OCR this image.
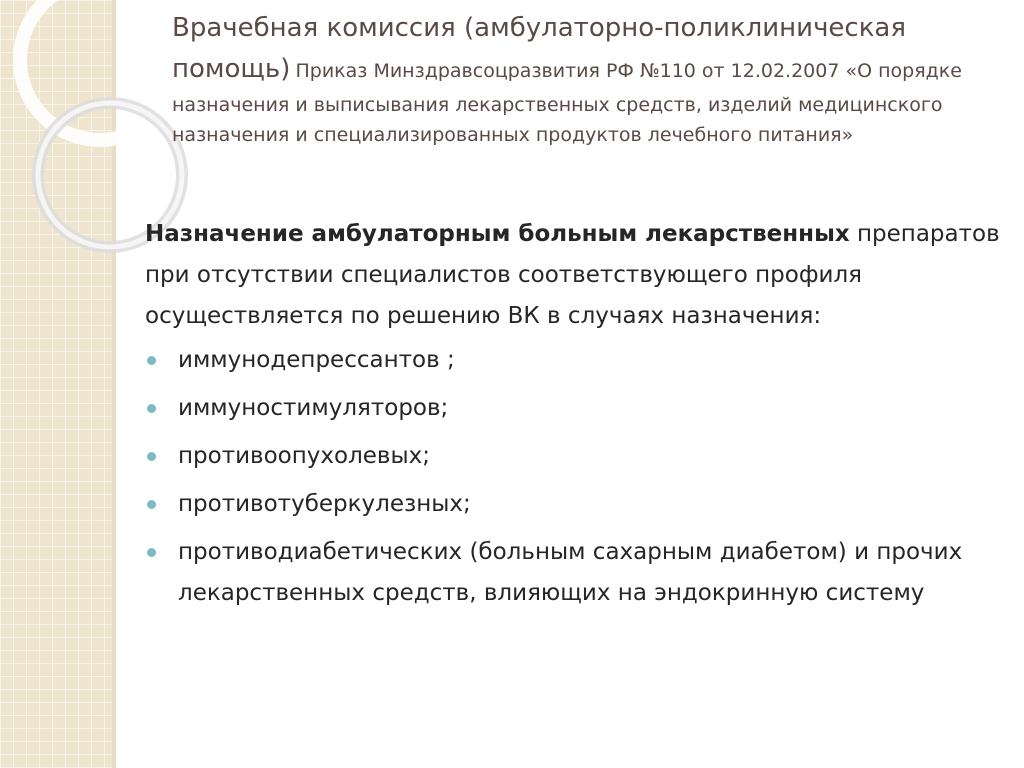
Врачебная комиссия (амбулаторно-поликлиническая помощь) Приказ Минздравсоцразвития РФ №110 от 12.02.2007 «О порядке назначения и выписывания лекарственных средств, изделий медицинского назначения и специализированных продуктов лечебного питания»

Назначение амбулаторным больным лекарственных препаратов при отсутствии специалистов соответствующего профиля осуществляется по решению ВК в случаях назначения:

иммунодепрессантов ;
иммуностимуляторов;
противоопухолевых;
противотуберкулезных;
противодиабетических (больным сахарным диабетом) и прочих лекарственных средств, влияющих на эндокринную систему
